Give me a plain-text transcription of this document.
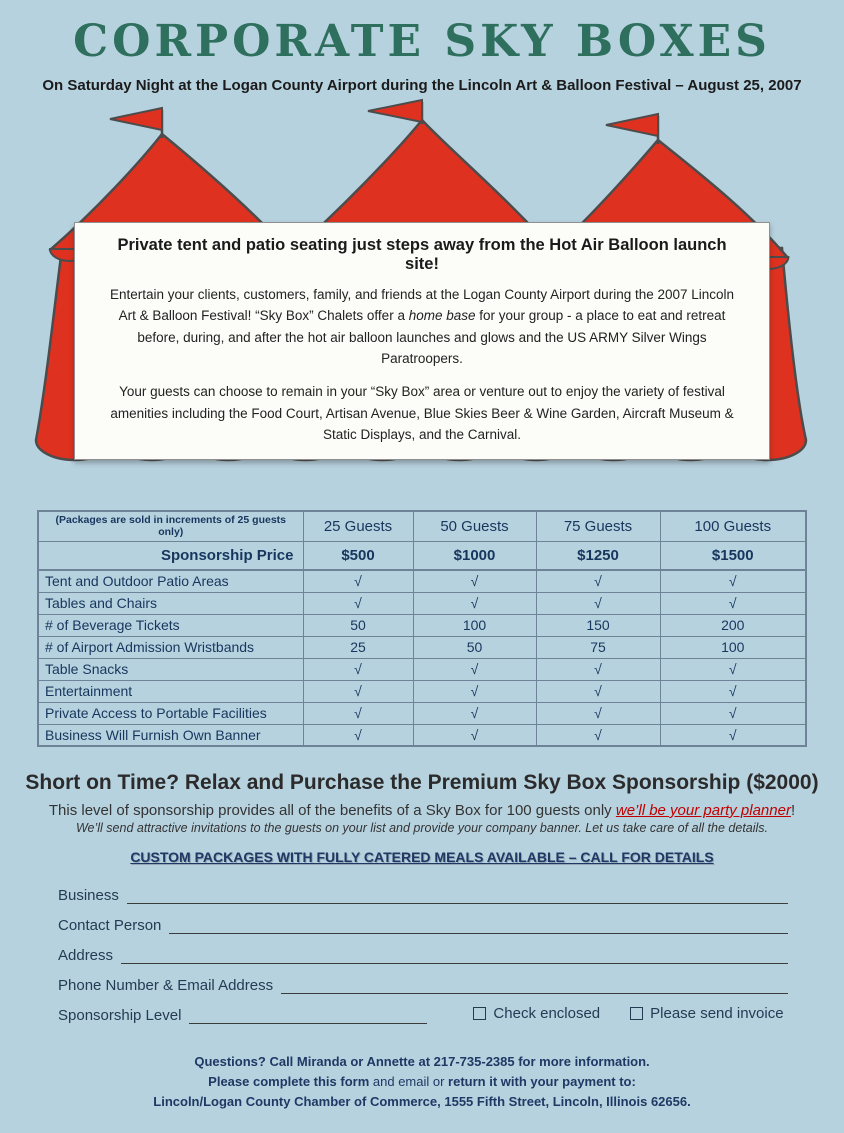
CORPORATE SKY BOXES
On Saturday Night at the Logan County Airport during the Lincoln Art & Balloon Festival – August 25, 2007
Private tent and patio seating just steps away from the Hot Air Balloon launch site!

Entertain your clients, customers, family, and friends at the Logan County Airport during the 2007 Lincoln Art & Balloon Festival! “Sky Box” Chalets offer a home base for your group - a place to eat and retreat before, during, and after the hot air balloon launches and glows and the US ARMY Silver Wings Paratroopers.

Your guests can choose to remain in your “Sky Box” area or venture out to enjoy the variety of festival amenities including the Food Court, Artisan Avenue, Blue Skies Beer & Wine Garden, Aircraft Museum & Static Displays, and the Carnival.

(Packages are sold in increments of 25 guests only)	25 Guests	50 Guests	75 Guests	100 Guests
Sponsorship Price	$500	$1000	$1250	$1500
Tent and Outdoor Patio Areas	√	√	√	√
Tables and Chairs	√	√	√	√
# of Beverage Tickets	50	100	150	200
# of Airport Admission Wristbands	25	50	75	100
Table Snacks	√	√	√	√
Entertainment	√	√	√	√
Private Access to Portable Facilities	√	√	√	√
Business Will Furnish Own Banner	√	√	√	√
Short on Time? Relax and Purchase the Premium Sky Box Sponsorship ($2000)

This level of sponsorship provides all of the benefits of a Sky Box for 100 guests only we’ll be your party planner!

We’ll send attractive invitations to the guests on your list and provide your company banner. Let us take care of all the details.

CUSTOM PACKAGES WITH FULLY CATERED MEALS AVAILABLE – CALL FOR DETAILS
Business
Contact Person
Address
Phone Number & Email Address
Sponsorship Level	Check enclosed	Please send invoice
Questions? Call Miranda or Annette at 217-735-2385 for more information.
Please complete this form and email or return it with your payment to:
Lincoln/Logan County Chamber of Commerce, 1555 Fifth Street, Lincoln, Illinois 62656.
